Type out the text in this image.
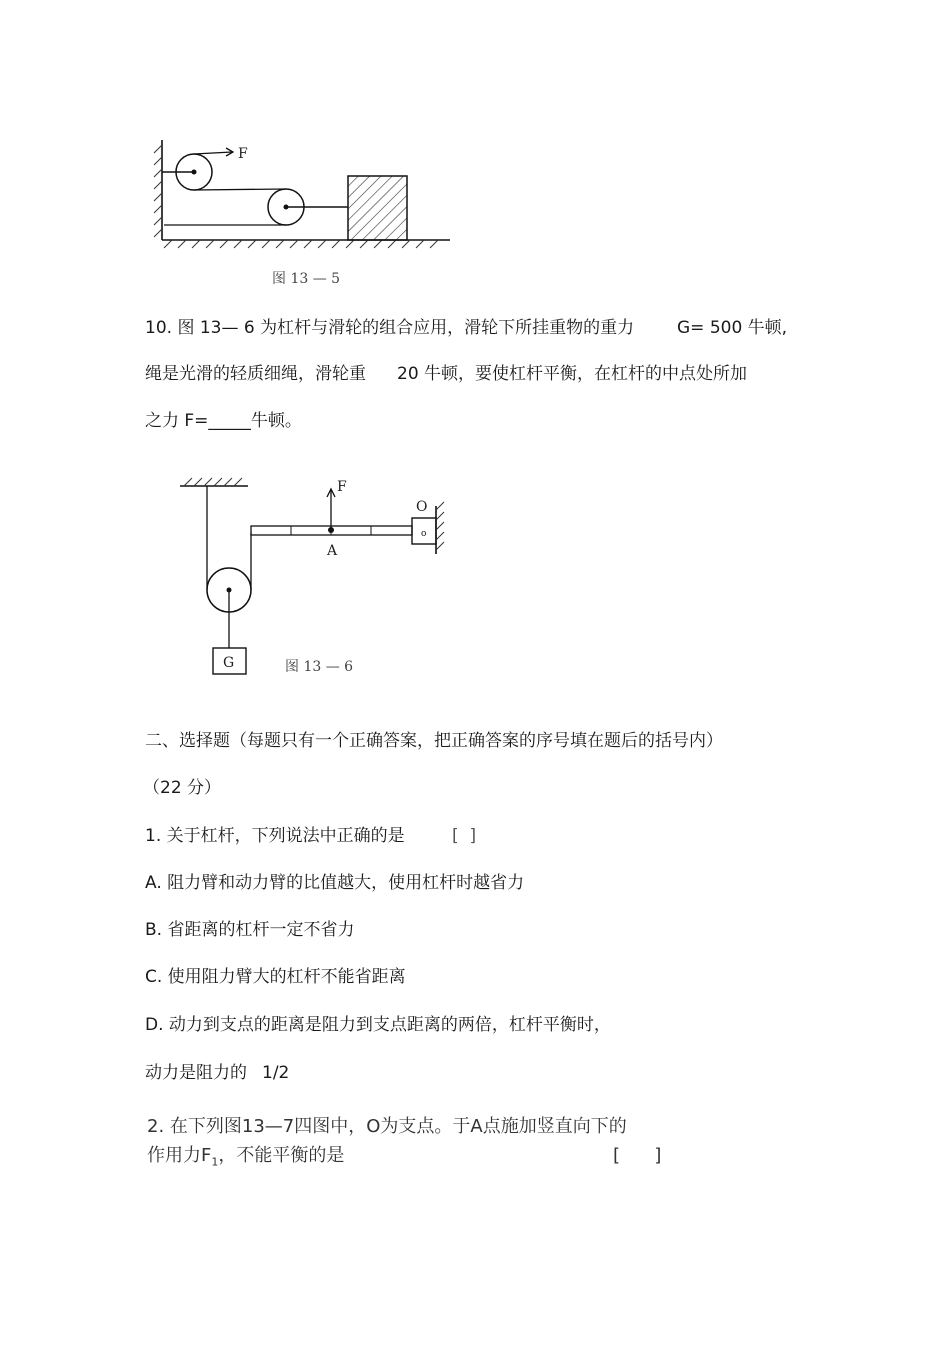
F
图 13 — 5
10. 图 13— 6 为杠杆与滑轮的组合应用，滑轮下所挂重物的重力	G= 500 牛顿,
绳是光滑的轻质细绳，滑轮重 20 牛顿，要使杠杆平衡，在杠杆的中点处所加
之力 F=_____牛顿。
G
F
A
o
O
图 13 — 6
二、选择题（每题只有一个正确答案，把正确答案的序号填在题后的括号内）
（22 分）
1. 关于杠杆，下列说法中正确的是	[  ]
A. 阻力臂和动力臂的比值越大，使用杠杆时越省力
B. 省距离的杠杆一定不省力
C. 使用阻力臂大的杠杆不能省距离
D. 动力到支点的距离是阻力到支点距离的两倍，杠杆平衡时，
动力是阻力的 1/2
2. 在下列图13—7四图中，O为支点。于A点施加竖直向下的
作用力$F_1$，不能平衡的是	[      ]
